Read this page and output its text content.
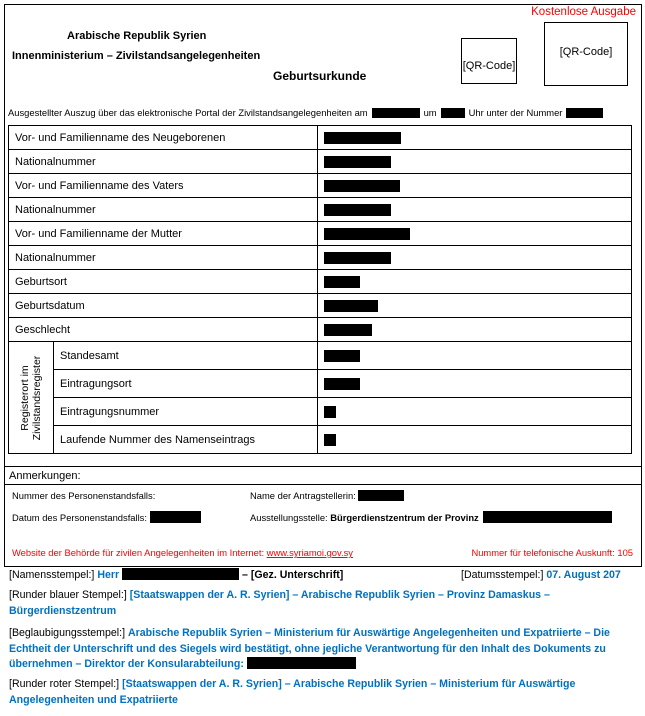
Kostenlose Ausgabe
Arabische Republik Syrien
Innenministerium – Zivilstandsangelegenheiten
Geburtsurkunde
[QR-Code]
[QR-Code]
Ausgestellter Auszug über das elektronische Portal der Zivilstandsangelegenheiten am	um	Uhr unter der Nummer
Vor- und Familienname des Neugeborenen
Nationalnummer
Vor- und Familienname des Vaters
Nationalnummer
Vor- und Familienname der Mutter
Nationalnummer
Geburtsort
Geburtsdatum
Geschlecht
Registerort im Zivilstandsregister	Standesamt
Eintragungsort
Eintragungsnummer
Laufende Nummer des Namenseintrags
Anmerkungen:
Nummer des Personenstandsfalls:	Name der Antragstellerin:
Datum des Personenstandsfalls:	Ausstellungsstelle:
Bürgerdienstzentrum der Provinz
Website der Behörde für zivilen Angelegenheiten im Internet: www.syriamoi.gov.sy	Nummer für telefonische Auskunft: 105
[Namensstempel:] Herr	– [Gez. Unterschrift]	[Datumsstempel:] 07. August 207
[Runder blauer Stempel:] [Staatswappen der A. R. Syrien] – Arabische Republik Syrien – Provinz Damaskus – Bürgerdienstzentrum
[Beglaubigungsstempel:] Arabische Republik Syrien – Ministerium für Auswärtige Angelegenheiten und Expatriierte – Die Echtheit der Unterschrift und des Siegels wird bestätigt, ohne jegliche Verantwortung für den Inhalt des Dokuments zu übernehmen – Direktor der Konsularabteilung:
[Runder roter Stempel:] [Staatswappen der A. R. Syrien] – Arabische Republik Syrien – Ministerium für Auswärtige Angelegenheiten und Expatriierte
